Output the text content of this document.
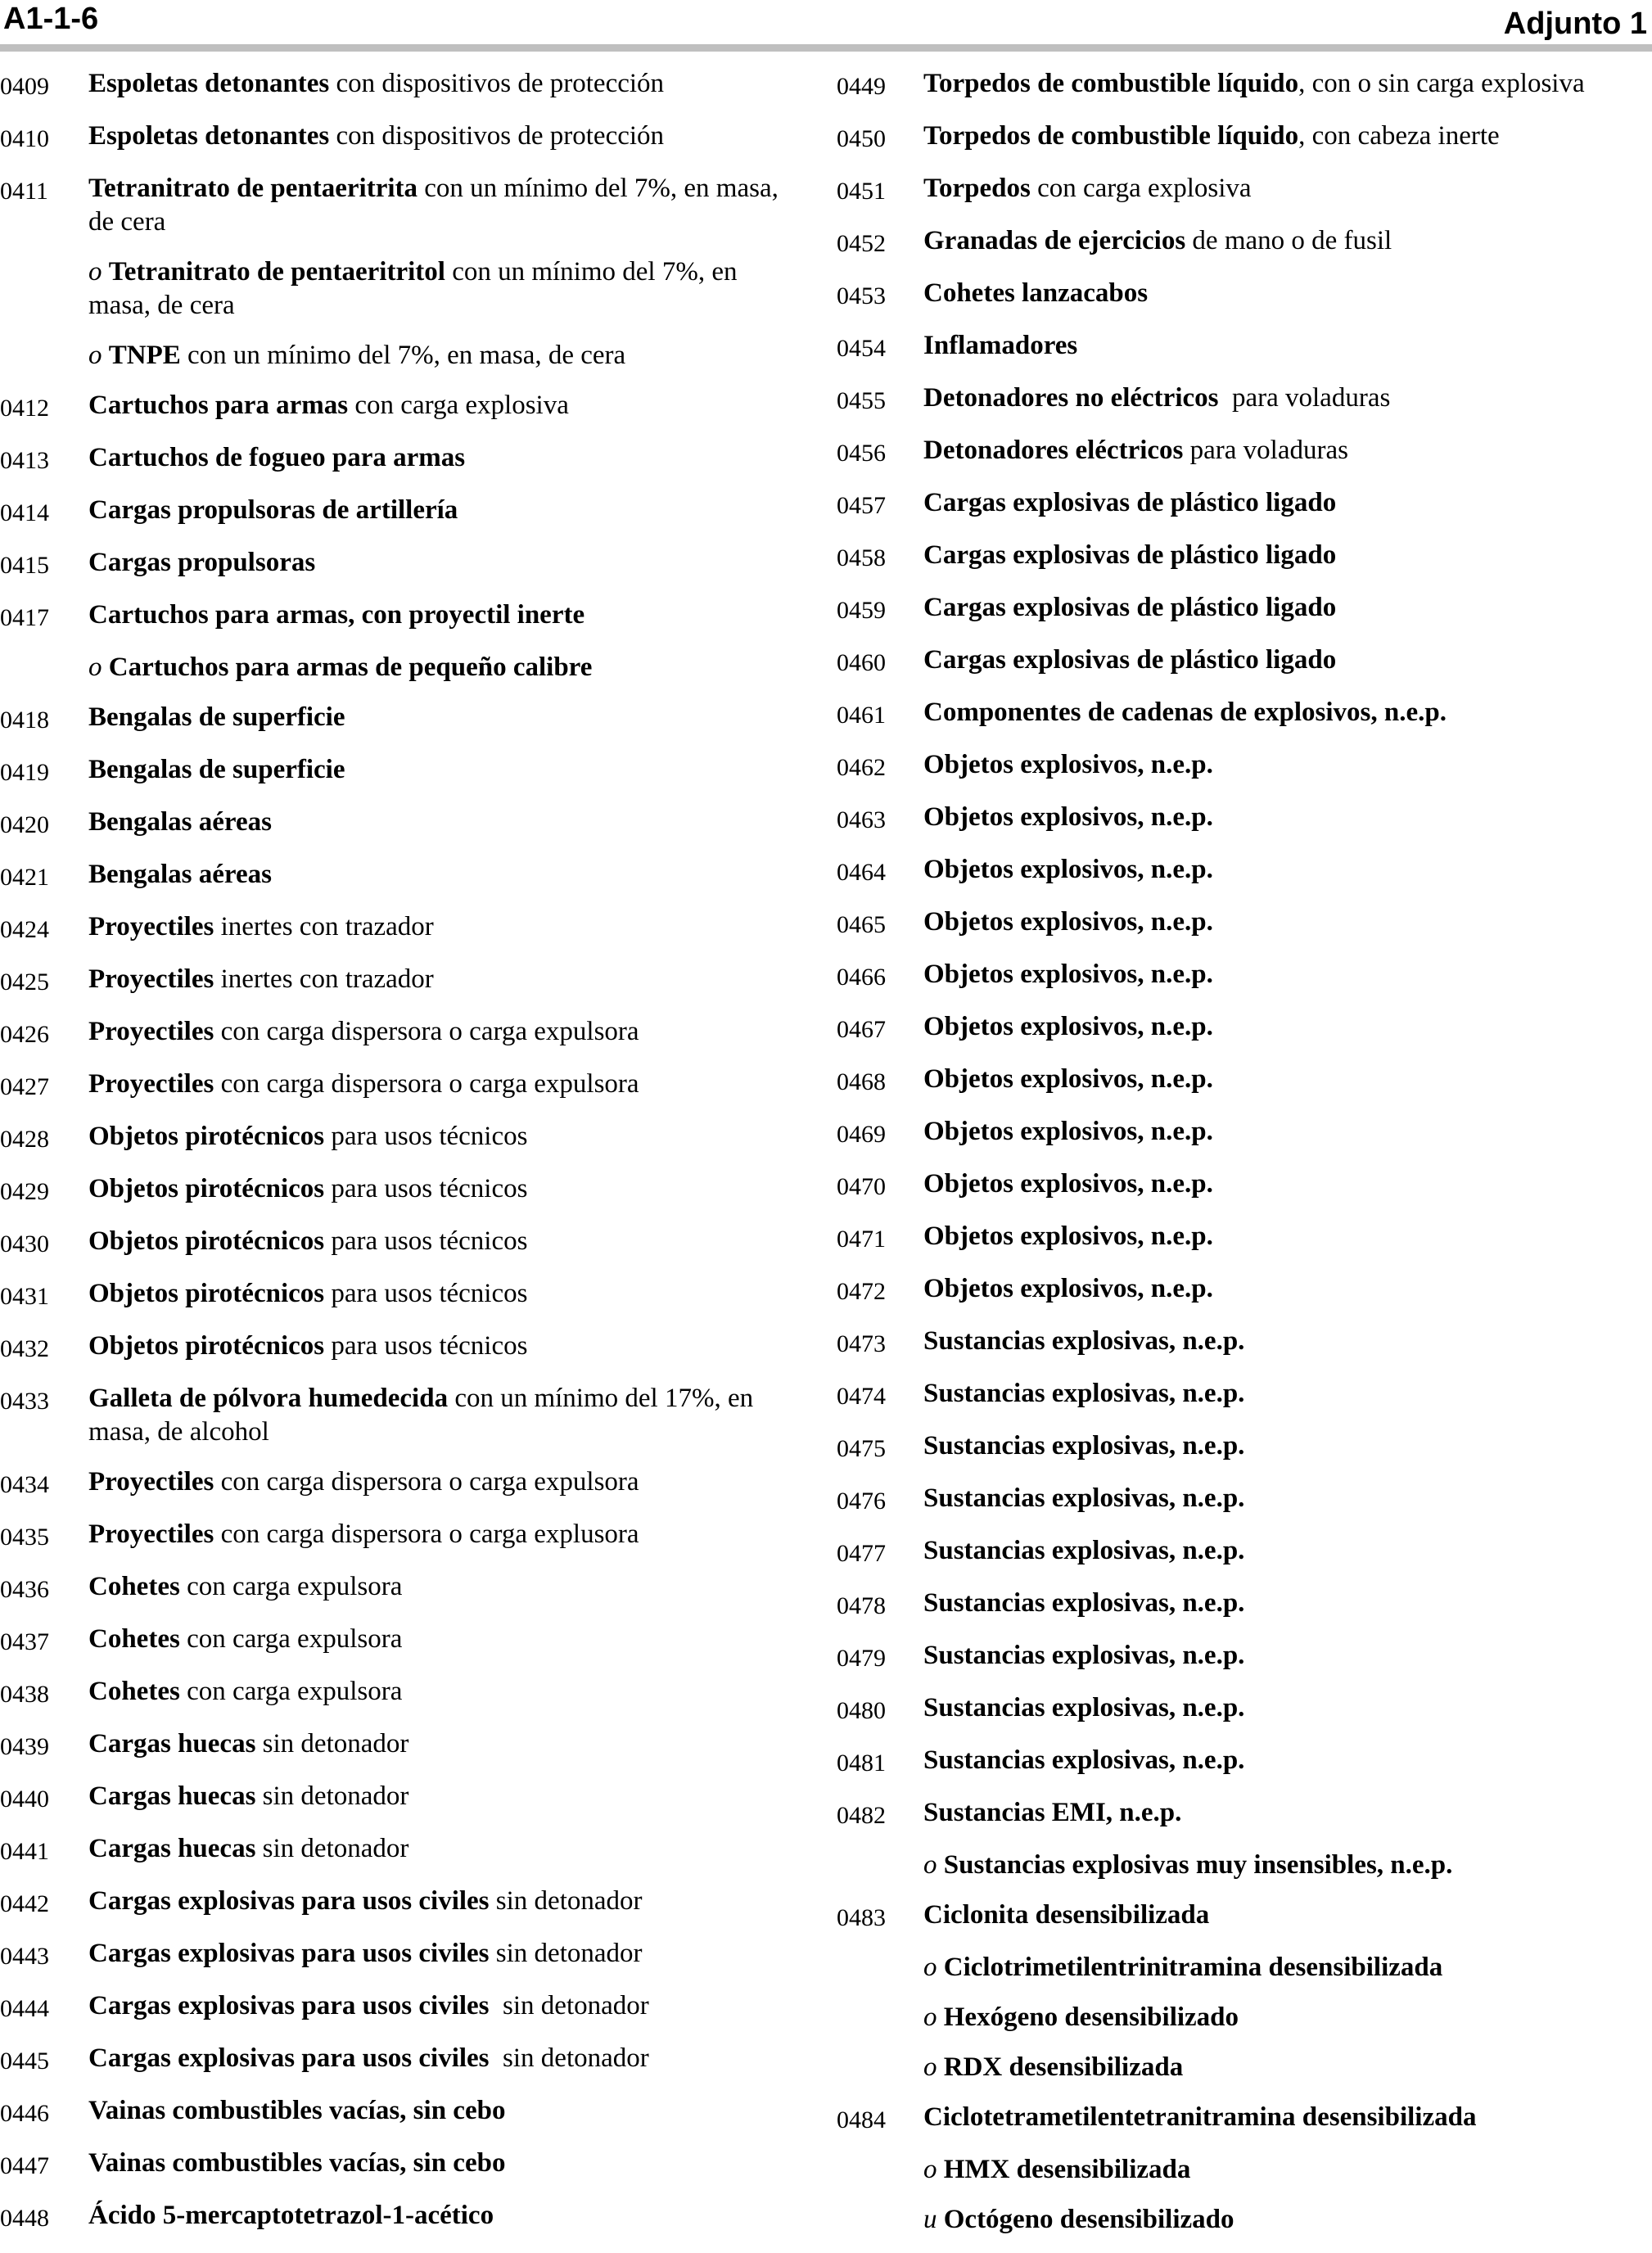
A1-1-6	Adjunto 1
0409	Espoletas detonantes con dispositivos de protección
0410	Espoletas detonantes con dispositivos de protección
0411	Tetranitrato de pentaeritrita con un mínimo del 7%, en masa, de cera
o Tetranitrato de pentaeritritol con un mínimo del 7%, en masa, de cera
o TNPE con un mínimo del 7%, en masa, de cera
0412	Cartuchos para armas con carga explosiva
0413	Cartuchos de fogueo para armas
0414	Cargas propulsoras de artillería
0415	Cargas propulsoras
0417	Cartuchos para armas, con proyectil inerte
o Cartuchos para armas de pequeño calibre
0418	Bengalas de superficie
0419	Bengalas de superficie
0420	Bengalas aéreas
0421	Bengalas aéreas
0424	Proyectiles inertes con trazador
0425	Proyectiles inertes con trazador
0426	Proyectiles con carga dispersora o carga expulsora
0427	Proyectiles con carga dispersora o carga expulsora
0428	Objetos pirotécnicos para usos técnicos
0429	Objetos pirotécnicos para usos técnicos
0430	Objetos pirotécnicos para usos técnicos
0431	Objetos pirotécnicos para usos técnicos
0432	Objetos pirotécnicos para usos técnicos
0433	Galleta de pólvora humedecida con un mínimo del 17%, en masa, de alcohol
0434	Proyectiles con carga dispersora o carga expulsora
0435	Proyectiles con carga dispersora o carga explusora
0436	Cohetes con carga expulsora
0437	Cohetes con carga expulsora
0438	Cohetes con carga expulsora
0439	Cargas huecas sin detonador
0440	Cargas huecas sin detonador
0441	Cargas huecas sin detonador
0442	Cargas explosivas para usos civiles sin detonador
0443	Cargas explosivas para usos civiles sin detonador
0444	Cargas explosivas para usos civiles  sin detonador
0445	Cargas explosivas para usos civiles  sin detonador
0446	Vainas combustibles vacías, sin cebo
0447	Vainas combustibles vacías, sin cebo
0448	Ácido 5-mercaptotetrazol-1-acético
0449	Torpedos de combustible líquido, con o sin carga explosiva
0450	Torpedos de combustible líquido, con cabeza inerte
0451	Torpedos con carga explosiva
0452	Granadas de ejercicios de mano o de fusil
0453	Cohetes lanzacabos
0454	Inflamadores
0455	Detonadores no eléctricos  para voladuras
0456	Detonadores eléctricos para voladuras
0457	Cargas explosivas de plástico ligado
0458	Cargas explosivas de plástico ligado
0459	Cargas explosivas de plástico ligado
0460	Cargas explosivas de plástico ligado
0461	Componentes de cadenas de explosivos, n.e.p.
0462	Objetos explosivos, n.e.p.
0463	Objetos explosivos, n.e.p.
0464	Objetos explosivos, n.e.p.
0465	Objetos explosivos, n.e.p.
0466	Objetos explosivos, n.e.p.
0467	Objetos explosivos, n.e.p.
0468	Objetos explosivos, n.e.p.
0469	Objetos explosivos, n.e.p.
0470	Objetos explosivos, n.e.p.
0471	Objetos explosivos, n.e.p.
0472	Objetos explosivos, n.e.p.
0473	Sustancias explosivas, n.e.p.
0474	Sustancias explosivas, n.e.p.
0475	Sustancias explosivas, n.e.p.
0476	Sustancias explosivas, n.e.p.
0477	Sustancias explosivas, n.e.p.
0478	Sustancias explosivas, n.e.p.
0479	Sustancias explosivas, n.e.p.
0480	Sustancias explosivas, n.e.p.
0481	Sustancias explosivas, n.e.p.
0482	Sustancias EMI, n.e.p.
o Sustancias explosivas muy insensibles, n.e.p.
0483	Ciclonita desensibilizada
o Ciclotrimetilentrinitramina desensibilizada
o Hexógeno desensibilizado
o RDX desensibilizada
0484	Ciclotetrametilentetranitramina desensibilizada
o HMX desensibilizada
u Octógeno desensibilizado
